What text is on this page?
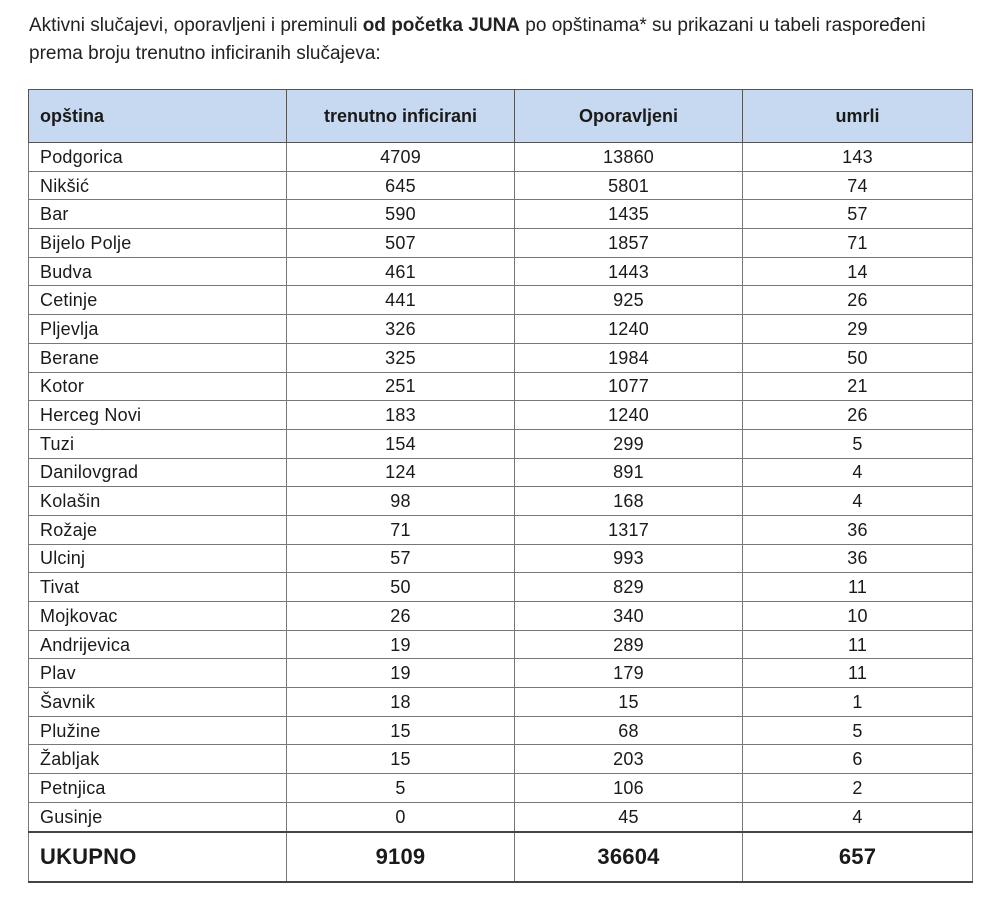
Aktivni slučajevi, oporavljeni i preminuli od početka JUNA po opštinama* su prikazani u tabeli raspoređeni prema broju trenutno inficiranih slučajeva:
opština	trenutno inficirani	Oporavljeni	umrli
Podgorica	4709	13860	143
Nikšić	645	5801	74
Bar	590	1435	57
Bijelo Polje	507	1857	71
Budva	461	1443	14
Cetinje	441	925	26
Pljevlja	326	1240	29
Berane	325	1984	50
Kotor	251	1077	21
Herceg Novi	183	1240	26
Tuzi	154	299	5
Danilovgrad	124	891	4
Kolašin	98	168	4
Rožaje	71	1317	36
Ulcinj	57	993	36
Tivat	50	829	11
Mojkovac	26	340	10
Andrijevica	19	289	11
Plav	19	179	11
Šavnik	18	15	1
Plužine	15	68	5
Žabljak	15	203	6
Petnjica	5	106	2
Gusinje	0	45	4
UKUPNO	9109	36604	657
